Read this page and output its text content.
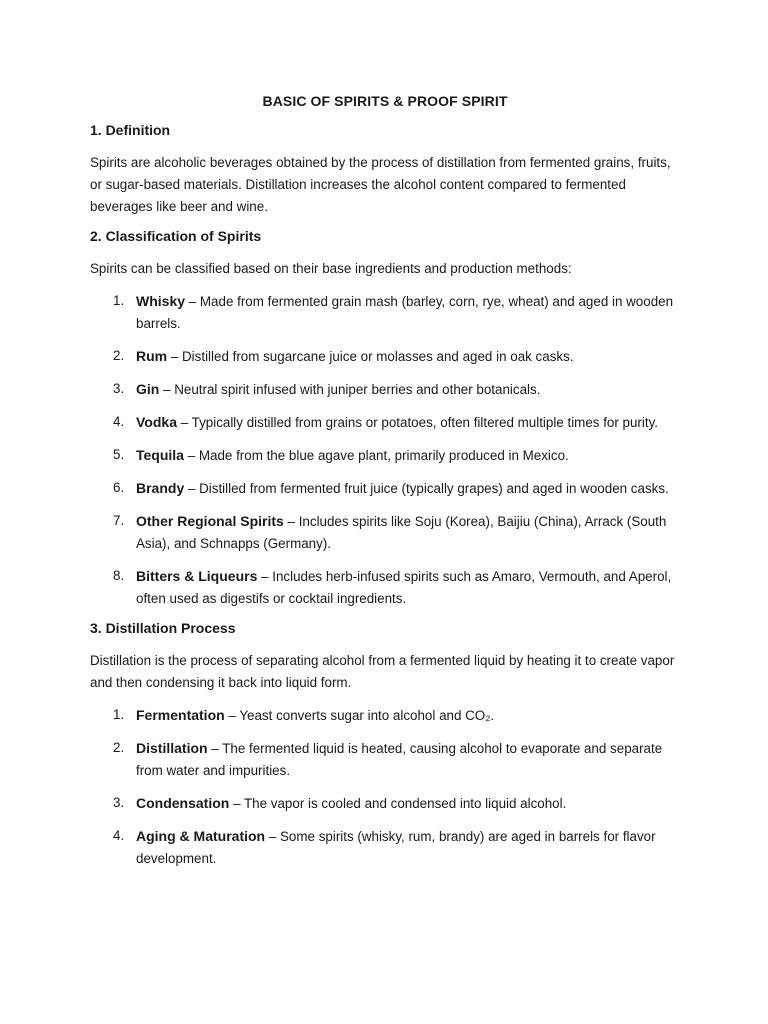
BASIC OF SPIRITS & PROOF SPIRIT
1. Definition

Spirits are alcoholic beverages obtained by the process of distillation from fermented grains, fruits, or sugar-based materials. Distillation increases the alcohol content compared to fermented beverages like beer and wine.

2. Classification of Spirits

Spirits can be classified based on their base ingredients and production methods:

1. Whisky – Made from fermented grain mash (barley, corn, rye, wheat) and aged in wooden barrels.
2. Rum – Distilled from sugarcane juice or molasses and aged in oak casks.
3. Gin – Neutral spirit infused with juniper berries and other botanicals.
4. Vodka – Typically distilled from grains or potatoes, often filtered multiple times for purity.
5. Tequila – Made from the blue agave plant, primarily produced in Mexico.
6. Brandy – Distilled from fermented fruit juice (typically grapes) and aged in wooden casks.
7. Other Regional Spirits – Includes spirits like Soju (Korea), Baijiu (China), Arrack (South Asia), and Schnapps (Germany).
8. Bitters & Liqueurs – Includes herb-infused spirits such as Amaro, Vermouth, and Aperol, often used as digestifs or cocktail ingredients.
3. Distillation Process

Distillation is the process of separating alcohol from a fermented liquid by heating it to create vapor and then condensing it back into liquid form.

1. Fermentation – Yeast converts sugar into alcohol and CO₂.
2. Distillation – The fermented liquid is heated, causing alcohol to evaporate and separate from water and impurities.
3. Condensation – The vapor is cooled and condensed into liquid alcohol.
4. Aging & Maturation – Some spirits (whisky, rum, brandy) are aged in barrels for flavor development.
